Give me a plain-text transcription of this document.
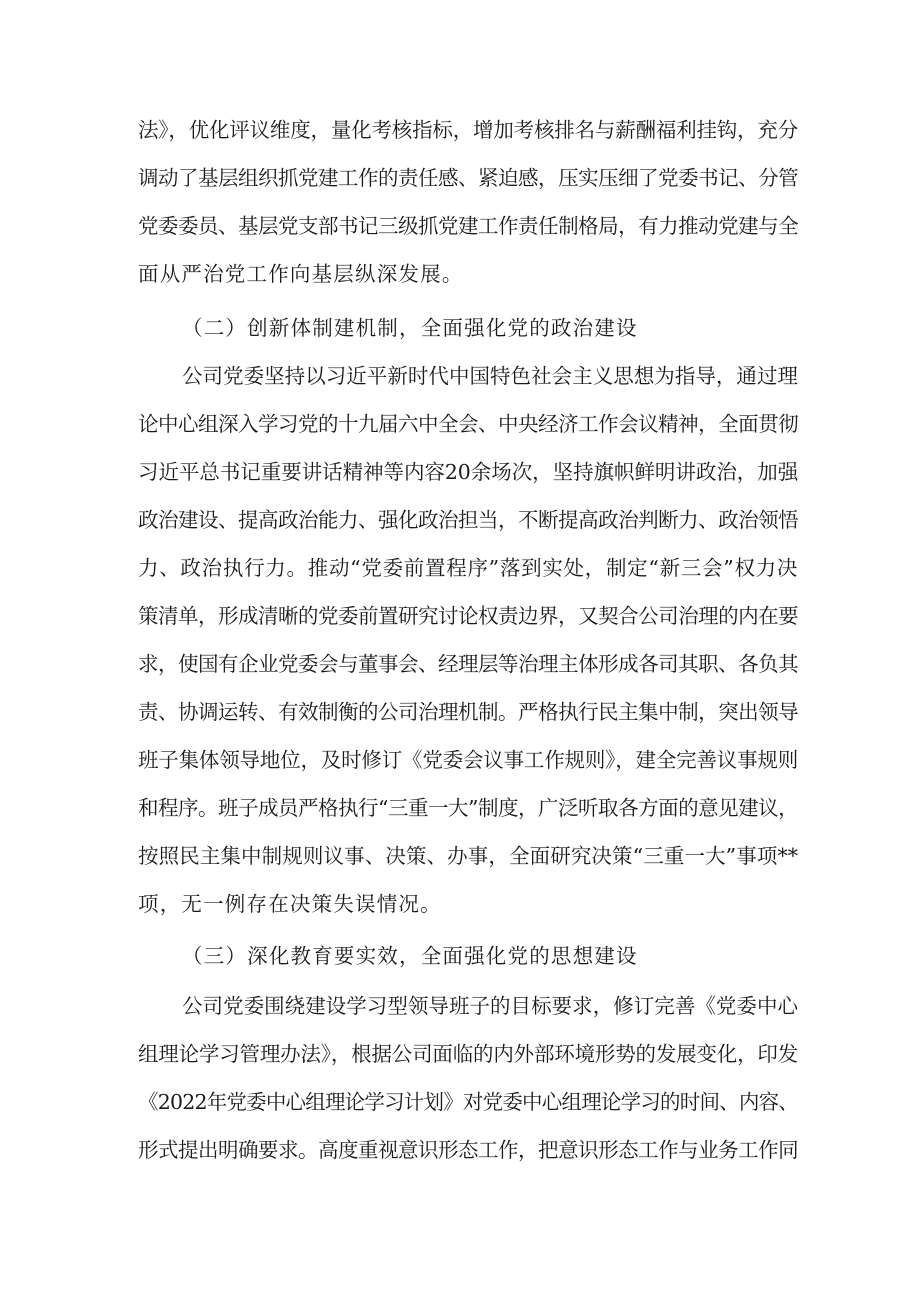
法》，优化评议维度，量化考核指标，增加考核排名与薪酬福利挂钩，充分
调动了基层组织抓党建工作的责任感、紧迫感，压实压细了党委书记、分管
党委委员、基层党支部书记三级抓党建工作责任制格局，有力推动党建与全
面从严治党工作向基层纵深发展。
（二）创新体制建机制，全面强化党的政治建设
公司党委坚持以习近平新时代中国特色社会主义思想为指导，通过理
论中心组深入学习党的十九届六中全会、中央经济工作会议精神，全面贯彻
习近平总书记重要讲话精神等内容20余场次，坚持旗帜鲜明讲政治，加强
政治建设、提高政治能力、强化政治担当，不断提高政治判断力、政治领悟
力、政治执行力。推动“党委前置程序”落到实处，制定“新三会”权力决
策清单，形成清晰的党委前置研究讨论权责边界，又契合公司治理的内在要
求，使国有企业党委会与董事会、经理层等治理主体形成各司其职、各负其
责、协调运转、有效制衡的公司治理机制。严格执行民主集中制，突出领导
班子集体领导地位，及时修订《党委会议事工作规则》，建全完善议事规则
和程序。班子成员严格执行“三重一大”制度，广泛听取各方面的意见建议，
按照民主集中制规则议事、决策、办事，全面研究决策“三重一大”事项**
项，无一例存在决策失误情况。
（三）深化教育要实效，全面强化党的思想建设
公司党委围绕建设学习型领导班子的目标要求，修订完善《党委中心
组理论学习管理办法》，根据公司面临的内外部环境形势的发展变化，印发
《2022年党委中心组理论学习计划》对党委中心组理论学习的时间、内容、
形式提出明确要求。高度重视意识形态工作，把意识形态工作与业务工作同
